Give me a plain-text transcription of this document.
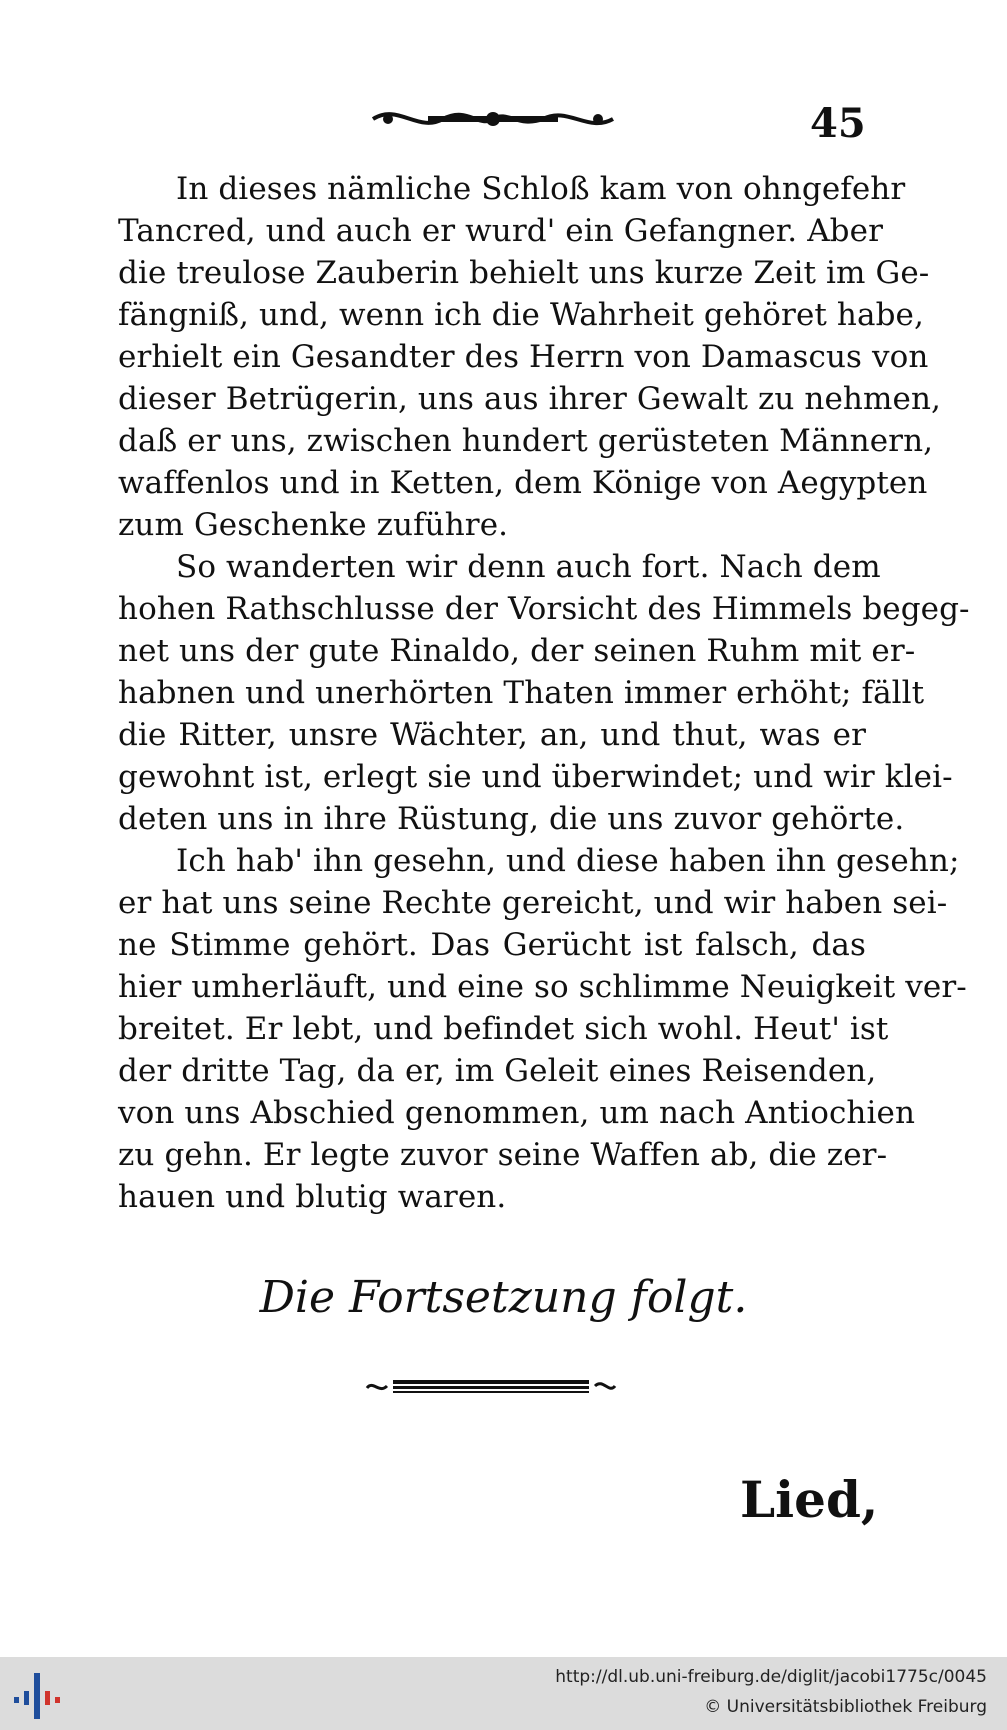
45
In dieses nämliche Schloß kam von ohngefehr
Tancred, und auch er wurd' ein Gefangner. Aber
die treulose Zauberin behielt uns kurze Zeit im Ge-
fängniß, und, wenn ich die Wahrheit gehöret habe,
erhielt ein Gesandter des Herrn von Damascus von
dieser Betrügerin, uns aus ihrer Gewalt zu nehmen,
daß er uns, zwischen hundert gerüsteten Männern,
waffenlos und in Ketten, dem Könige von Aegypten
zum Geschenke zuführe.
So wanderten wir denn auch fort. Nach dem
hohen Rathschlusse der Vorsicht des Himmels begeg-
net uns der gute Rinaldo, der seinen Ruhm mit er-
habnen und unerhörten Thaten immer erhöht; fällt
die Ritter, unsre Wächter, an, und thut, was er
gewohnt ist, erlegt sie und überwindet; und wir klei-
deten uns in ihre Rüstung, die uns zuvor gehörte.
Ich hab' ihn gesehn, und diese haben ihn gesehn;
er hat uns seine Rechte gereicht, und wir haben sei-
ne Stimme gehört. Das Gerücht ist falsch, das
hier umherläuft, und eine so schlimme Neuigkeit ver-
breitet. Er lebt, und befindet sich wohl. Heut' ist
der dritte Tag, da er, im Geleit eines Reisenden,
von uns Abschied genommen, um nach Antiochien
zu gehn. Er legte zuvor seine Waffen ab, die zer-
hauen und blutig waren.
Die Fortsetzung folgt.
Lied,
http://dl.ub.uni-freiburg.de/diglit/jacobi1775c/0045
© Universitätsbibliothek Freiburg
